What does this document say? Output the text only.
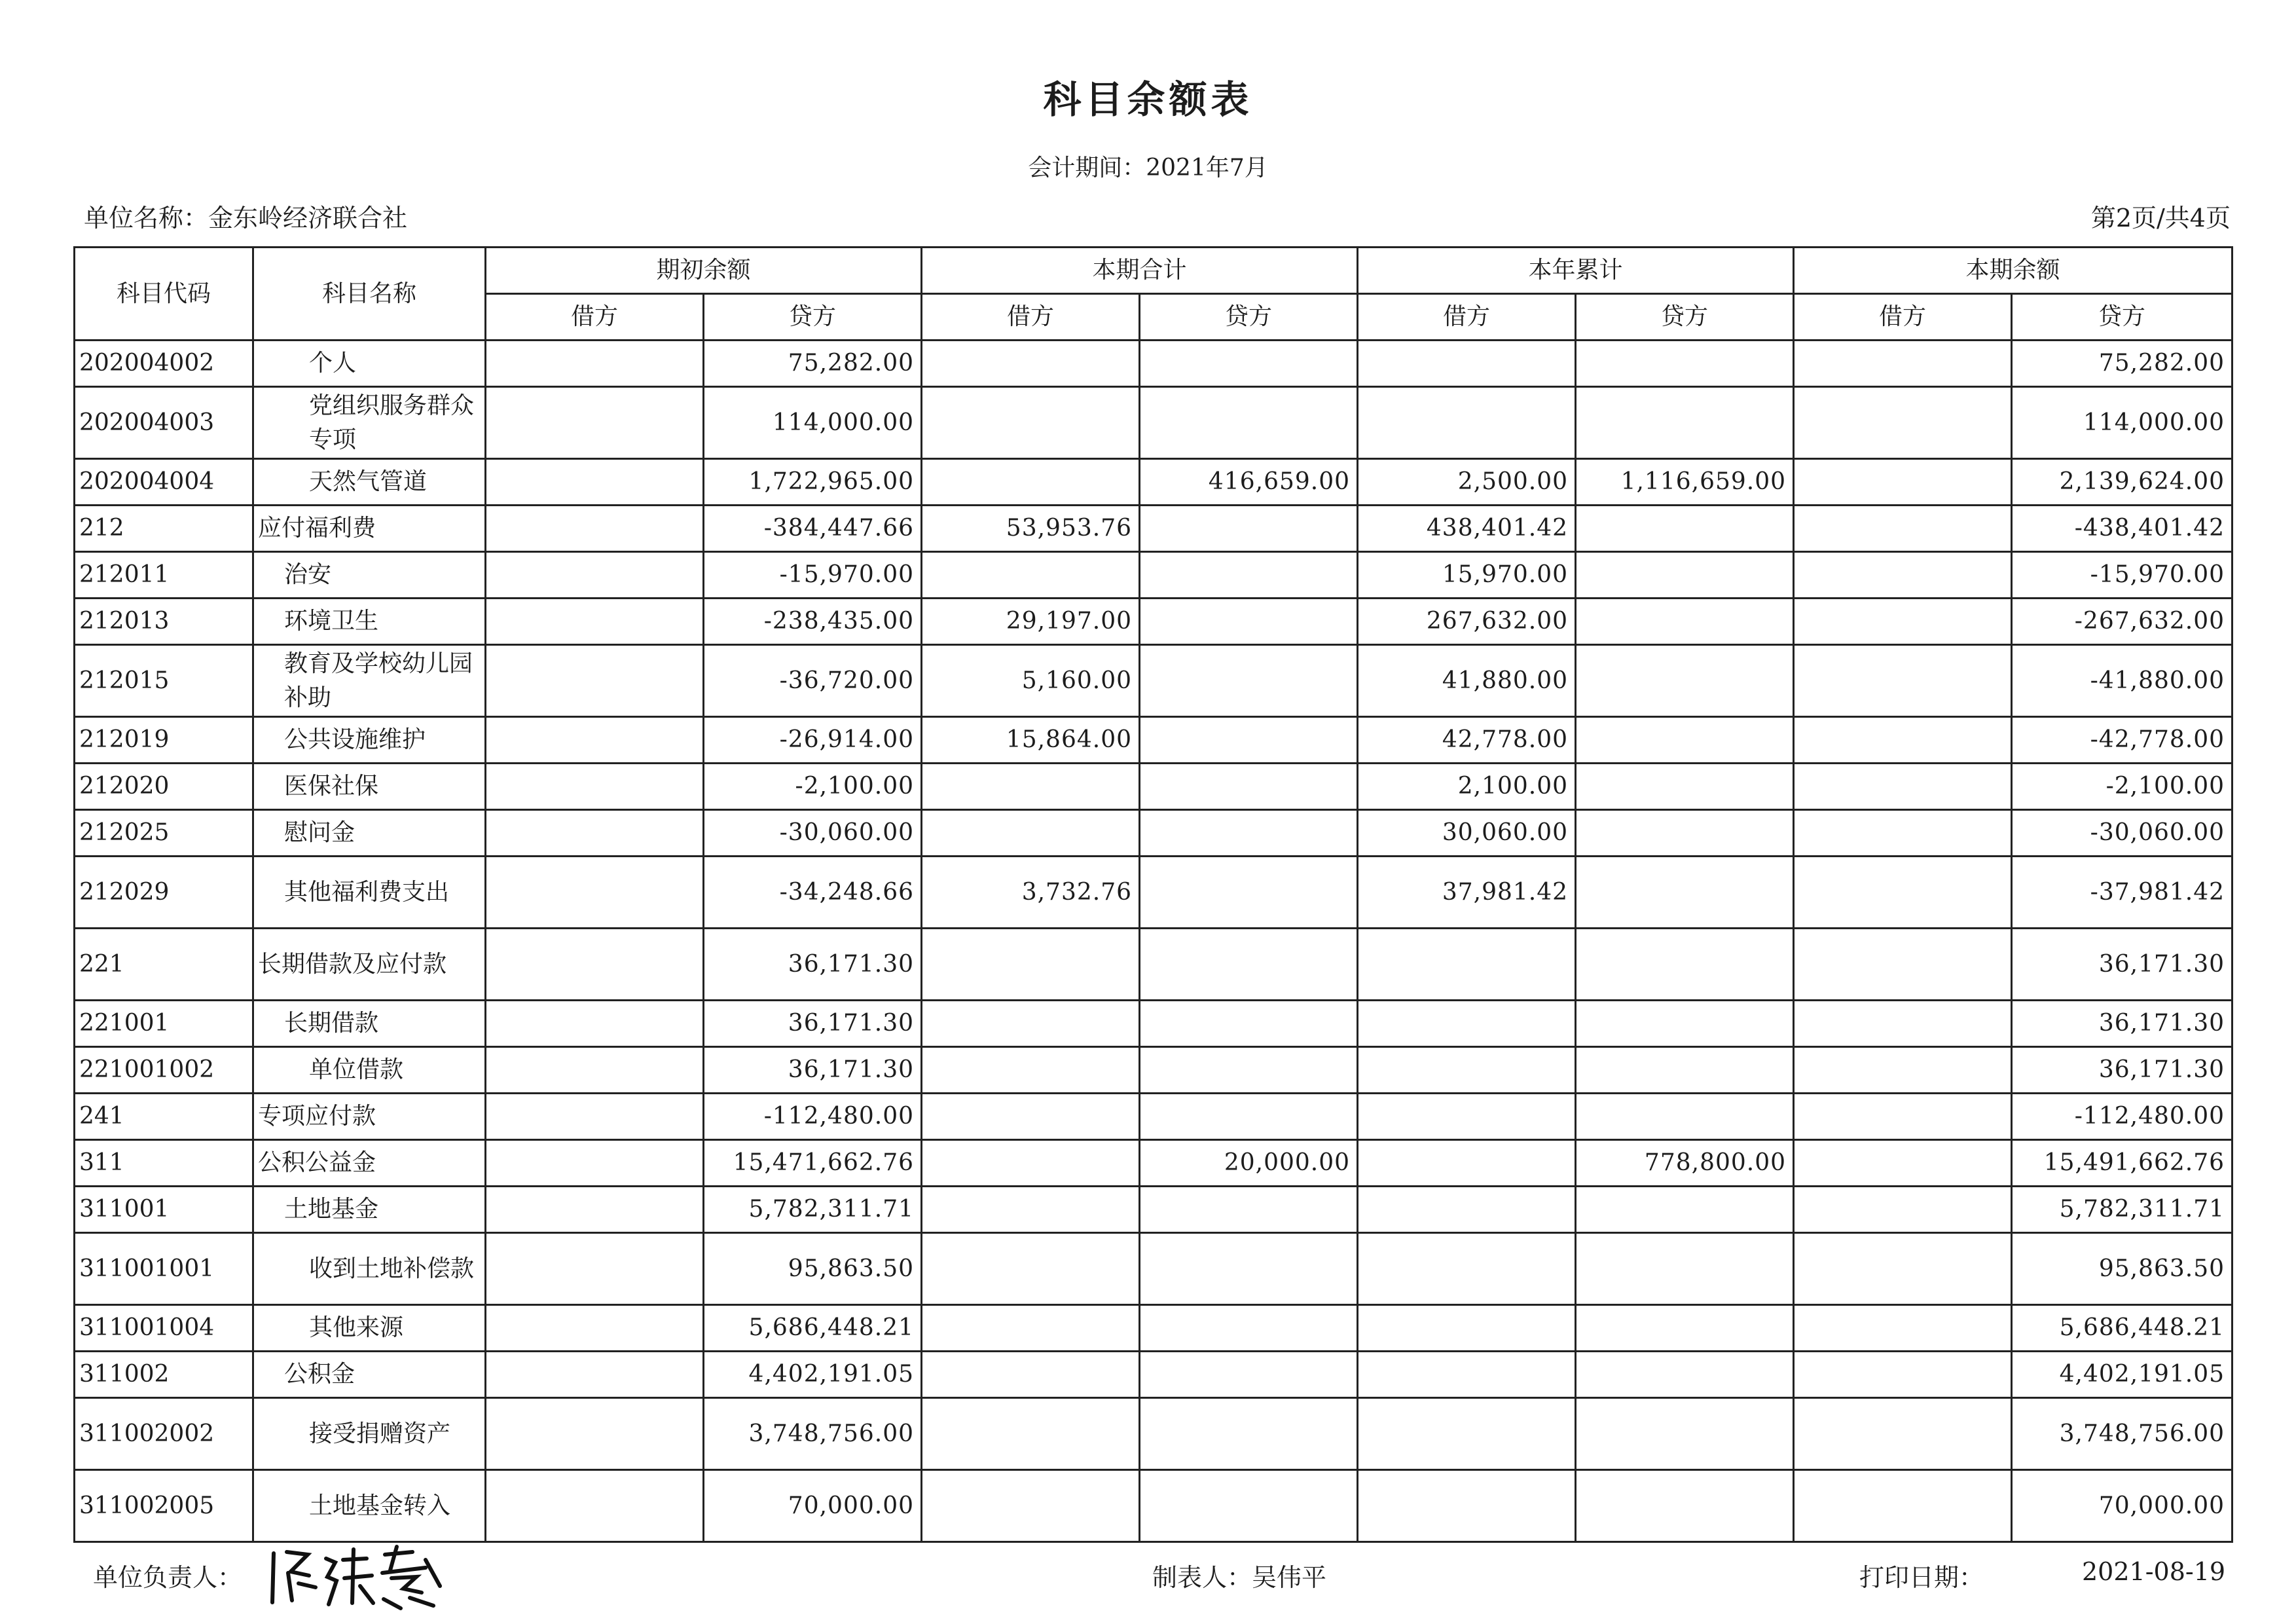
科目余额表
会计期间：2021年7月
单位名称：金东岭经济联合社	第2页/共4页
科目代码	科目名称	期初余额		本期合计		本年累计		本期余额	
		借方	贷方	借方	贷方	借方	贷方	借方	贷方
202004002	个人		75,282.00						75,282.00
202004003	党组织服务群众专项		114,000.00						114,000.00
202004004	天然气管道		1,722,965.00		416,659.00	2,500.00	1,116,659.00		2,139,624.00
212	应付福利费		-384,447.66	53,953.76		438,401.42			-438,401.42
212011	治安		-15,970.00			15,970.00			-15,970.00
212013	环境卫生		-238,435.00	29,197.00		267,632.00			-267,632.00
212015	教育及学校幼儿园补助		-36,720.00	5,160.00		41,880.00			-41,880.00
212019	公共设施维护		-26,914.00	15,864.00		42,778.00			-42,778.00
212020	医保社保		-2,100.00			2,100.00			-2,100.00
212025	慰问金		-30,060.00			30,060.00			-30,060.00
212029	其他福利费支出		-34,248.66	3,732.76		37,981.42			-37,981.42
221	长期借款及应付款		36,171.30						36,171.30
221001	长期借款		36,171.30						36,171.30
221001002	单位借款		36,171.30						36,171.30
241	专项应付款		-112,480.00						-112,480.00
311	公积公益金		15,471,662.76		20,000.00		778,800.00		15,491,662.76
311001	土地基金		5,782,311.71						5,782,311.71
311001001	收到土地补偿款		95,863.50						95,863.50
311001004	其他来源		5,686,448.21						5,686,448.21
311002	公积金		4,402,191.05						4,402,191.05
311002002	接受捐赠资产		3,748,756.00						3,748,756.00
311002005	土地基金转入		70,000.00						70,000.00
单位负责人：	制表人：吴伟平	打印日期：	2021-08-19
